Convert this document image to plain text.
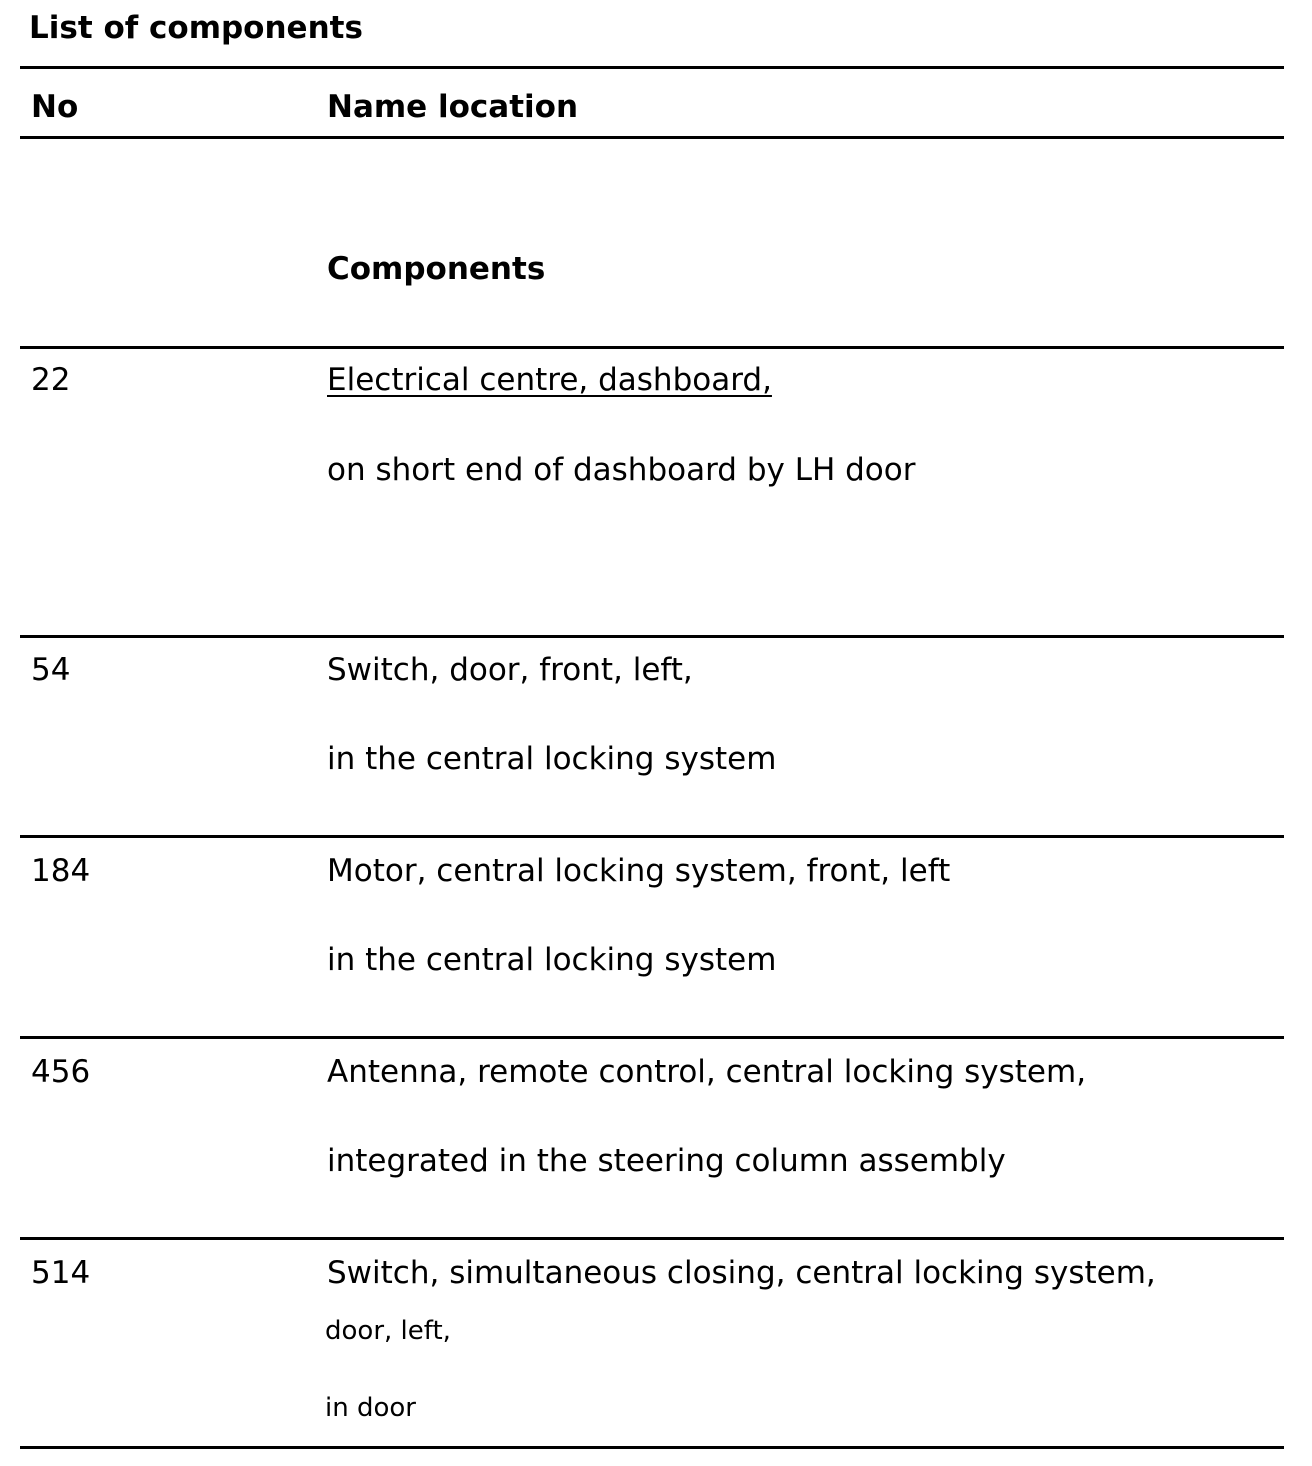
List of components
No	Name location
Components
22	Electrical centre, dashboard,
on short end of dashboard by LH door
54	Switch, door, front, left,
in the central locking system
184	Motor, central locking system, front, left
in the central locking system
456	Antenna, remote control, central locking system,
integrated in the steering column assembly
514	Switch, simultaneous closing, central locking system,
door, left,
in door
